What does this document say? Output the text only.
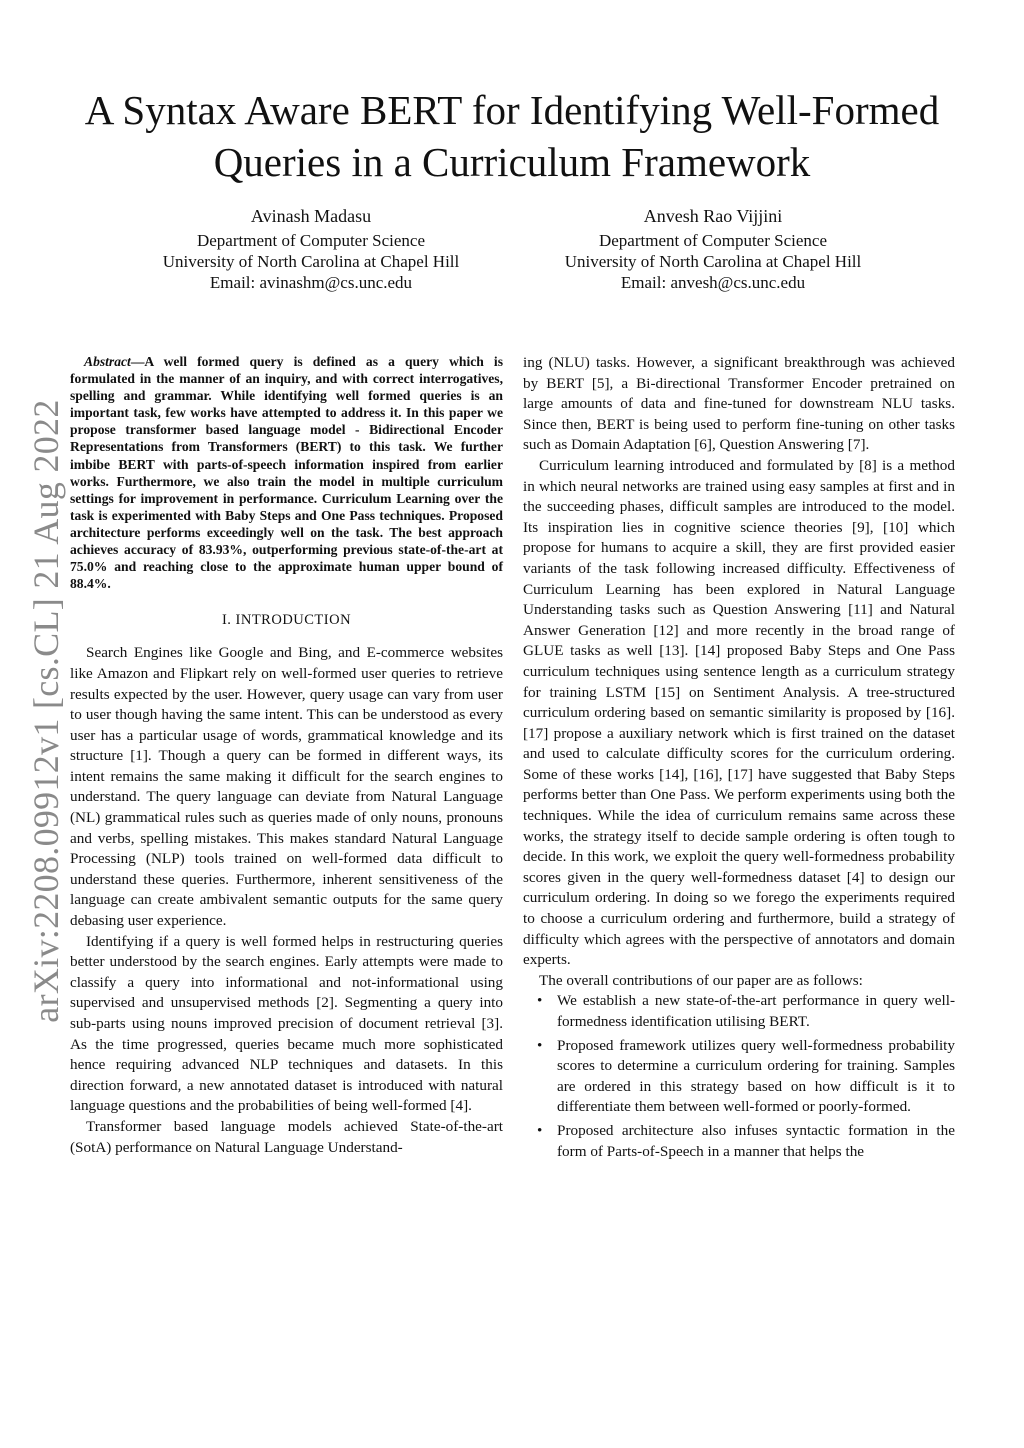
A Syntax Aware BERT for Identifying Well-Formed
Queries in a Curriculum Framework
Avinash Madasu
Department of Computer Science
University of North Carolina at Chapel Hill
Email: avinashm@cs.unc.edu
Anvesh Rao Vijjini
Department of Computer Science
University of North Carolina at Chapel Hill
Email: anvesh@cs.unc.edu
arXiv:2208.09912v1 [cs.CL] 21 Aug 2022

Abstract—A well formed query is defined as a query which is formulated in the manner of an inquiry, and with correct interrogatives, spelling and grammar. While identifying well formed queries is an important task, few works have attempted to address it. In this paper we propose transformer based language model - Bidirectional Encoder Representations from Transformers (BERT) to this task. We further imbibe BERT with parts-of-speech information inspired from earlier works. Furthermore, we also train the model in multiple curriculum settings for improvement in performance. Curriculum Learning over the task is experimented with Baby Steps and One Pass techniques. Proposed architecture performs exceedingly well on the task. The best approach achieves accuracy of 83.93%, outperforming previous state-of-the-art at 75.0% and reaching close to the approximate human upper bound of 88.4%.

I. INTRODUCTION

Search Engines like Google and Bing, and E-commerce websites like Amazon and Flipkart rely on well-formed user queries to retrieve results expected by the user. However, query usage can vary from user to user though having the same intent. This can be understood as every user has a particular usage of words, grammatical knowledge and its structure [1]. Though a query can be formed in different ways, its intent remains the same making it difficult for the search engines to understand. The query language can deviate from Natural Language (NL) grammatical rules such as queries made of only nouns, pronouns and verbs, spelling mistakes. This makes standard Natural Language Processing (NLP) tools trained on well-formed data difficult to understand these queries. Furthermore, inherent sensitiveness of the language can create ambivalent semantic outputs for the same query debasing user experience.

Identifying if a query is well formed helps in restructuring queries better understood by the search engines. Early attempts were made to classify a query into informational and not-informational using supervised and unsupervised methods [2]. Segmenting a query into sub-parts using nouns improved precision of document retrieval [3]. As the time progressed, queries became much more sophisticated hence requiring advanced NLP techniques and datasets. In this direction forward, a new annotated dataset is introduced with natural language questions and the probabilities of being well-formed [4].

Transformer based language models achieved State-of-the-art (SotA) performance on Natural Language Understand-

ing (NLU) tasks. However, a significant breakthrough was achieved by BERT [5], a Bi-directional Transformer Encoder pretrained on large amounts of data and fine-tuned for downstream NLU tasks. Since then, BERT is being used to perform fine-tuning on other tasks such as Domain Adaptation [6], Question Answering [7].

Curriculum learning introduced and formulated by [8] is a method in which neural networks are trained using easy samples at first and in the succeeding phases, difficult samples are introduced to the model. Its inspiration lies in cognitive science theories [9], [10] which propose for humans to acquire a skill, they are first provided easier variants of the task following increased difficulty. Effectiveness of Curriculum Learning has been explored in Natural Language Understanding tasks such as Question Answering [11] and Natural Answer Generation [12] and more recently in the broad range of GLUE tasks as well [13]. [14] proposed Baby Steps and One Pass curriculum techniques using sentence length as a curriculum strategy for training LSTM [15] on Sentiment Analysis. A tree-structured curriculum ordering based on semantic similarity is proposed by [16]. [17] propose a auxiliary network which is first trained on the dataset and used to calculate difficulty scores for the curriculum ordering. Some of these works [14], [16], [17] have suggested that Baby Steps performs better than One Pass. We perform experiments using both the techniques. While the idea of curriculum remains same across these works, the strategy itself to decide sample ordering is often tough to decide. In this work, we exploit the query well-formedness probability scores given in the query well-formedness dataset [4] to design our curriculum ordering. In doing so we forego the experiments required to choose a curriculum ordering and furthermore, build a strategy of difficulty which agrees with the perspective of annotators and domain experts.

The overall contributions of our paper are as follows:

• We establish a new state-of-the-art performance in query well-formedness identification utilising BERT.
• Proposed framework utilizes query well-formedness probability scores to determine a curriculum ordering for training. Samples are ordered in this strategy based on how difficult is it to differentiate them between well-formed or poorly-formed.
• Proposed architecture also infuses syntactic formation in the form of Parts-of-Speech in a manner that helps the
